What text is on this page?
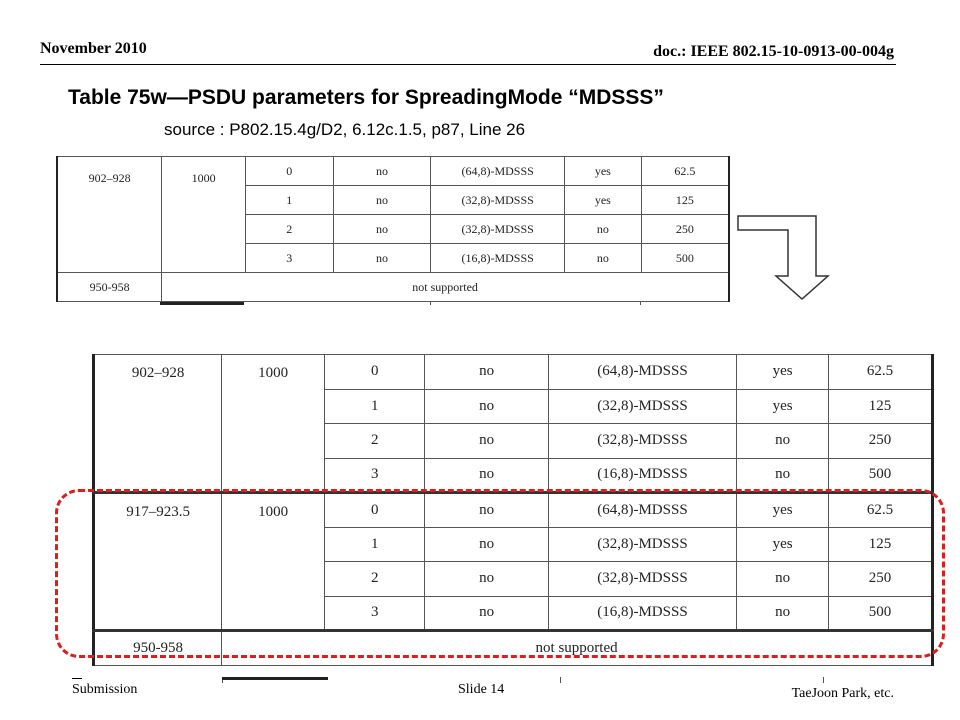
November 2010	doc.: IEEE 802.15-10-0913-00-004g
Table 75w—PSDU parameters for SpreadingMode “MDSSS”
source : P802.15.4g/D2, 6.12c.1.5, p87, Line 26
902–928	1000	0	no	(64,8)-MDSSS	yes	62.5
		1	no	(32,8)-MDSSS	yes	125
		2	no	(32,8)-MDSSS	no	250
		3	no	(16,8)-MDSSS	no	500
950-958	not supported					
902–928	1000	0	no	(64,8)-MDSSS	yes	62.5
		1	no	(32,8)-MDSSS	yes	125
		2	no	(32,8)-MDSSS	no	250
		3	no	(16,8)-MDSSS	no	500
917–923.5	1000	0	no	(64,8)-MDSSS	yes	62.5
		1	no	(32,8)-MDSSS	yes	125
		2	no	(32,8)-MDSSS	no	250
		3	no	(16,8)-MDSSS	no	500
950-958	not supported					
Submission	Slide 14	TaeJoon Park, etc.
